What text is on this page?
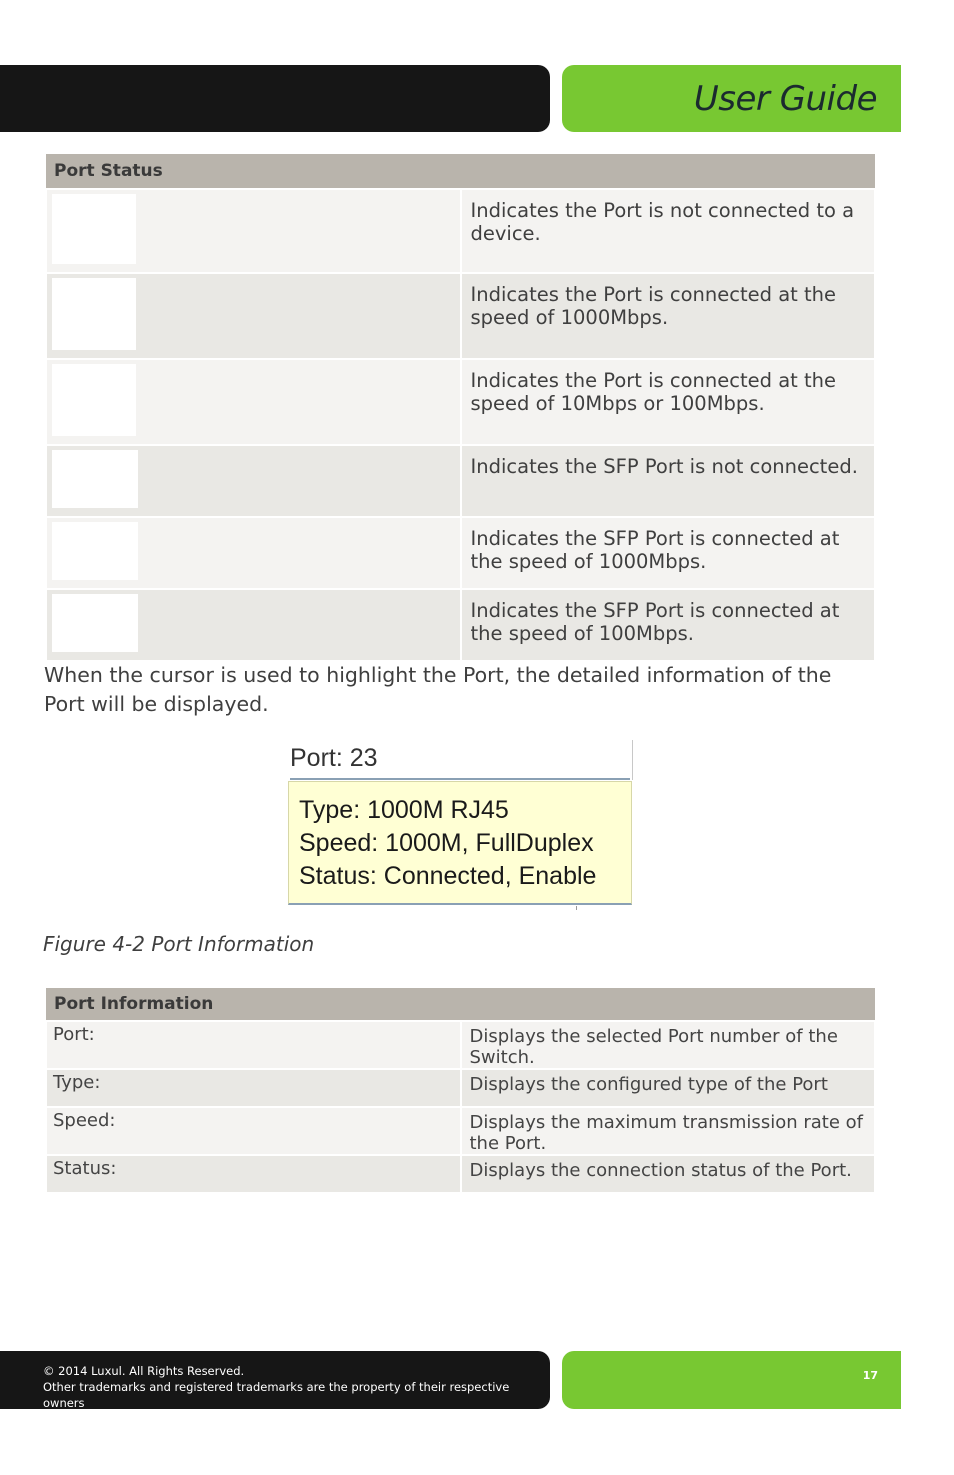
User Guide
Port Status	

	Indicates the Port is not connected to a device.

	Indicates the Port is connected at the speed of 1000Mbps.

	Indicates the Port is connected at the speed of 10Mbps or 100Mbps.

	Indicates the SFP Port is not connected.

	Indicates the SFP Port is connected at the speed of 1000Mbps.

	Indicates the SFP Port is connected at the speed of 100Mbps.
When the cursor is used to highlight the Port, the detailed information of the Port will be displayed.
Port: 23
Type: 1000M RJ45
Speed: 1000M, FullDuplex
Status: Connected, Enable
Figure 4-2 Port Information
Port Information	
Port:	Displays the selected Port number of the Switch.
Type:	Displays the configured type of the Port
Speed:	Displays the maximum transmission rate of the Port.
Status:	Displays the connection status of the Port.
© 2014 Luxul. All Rights Reserved.
Other trademarks and registered trademarks are the property of their respective owners
17
